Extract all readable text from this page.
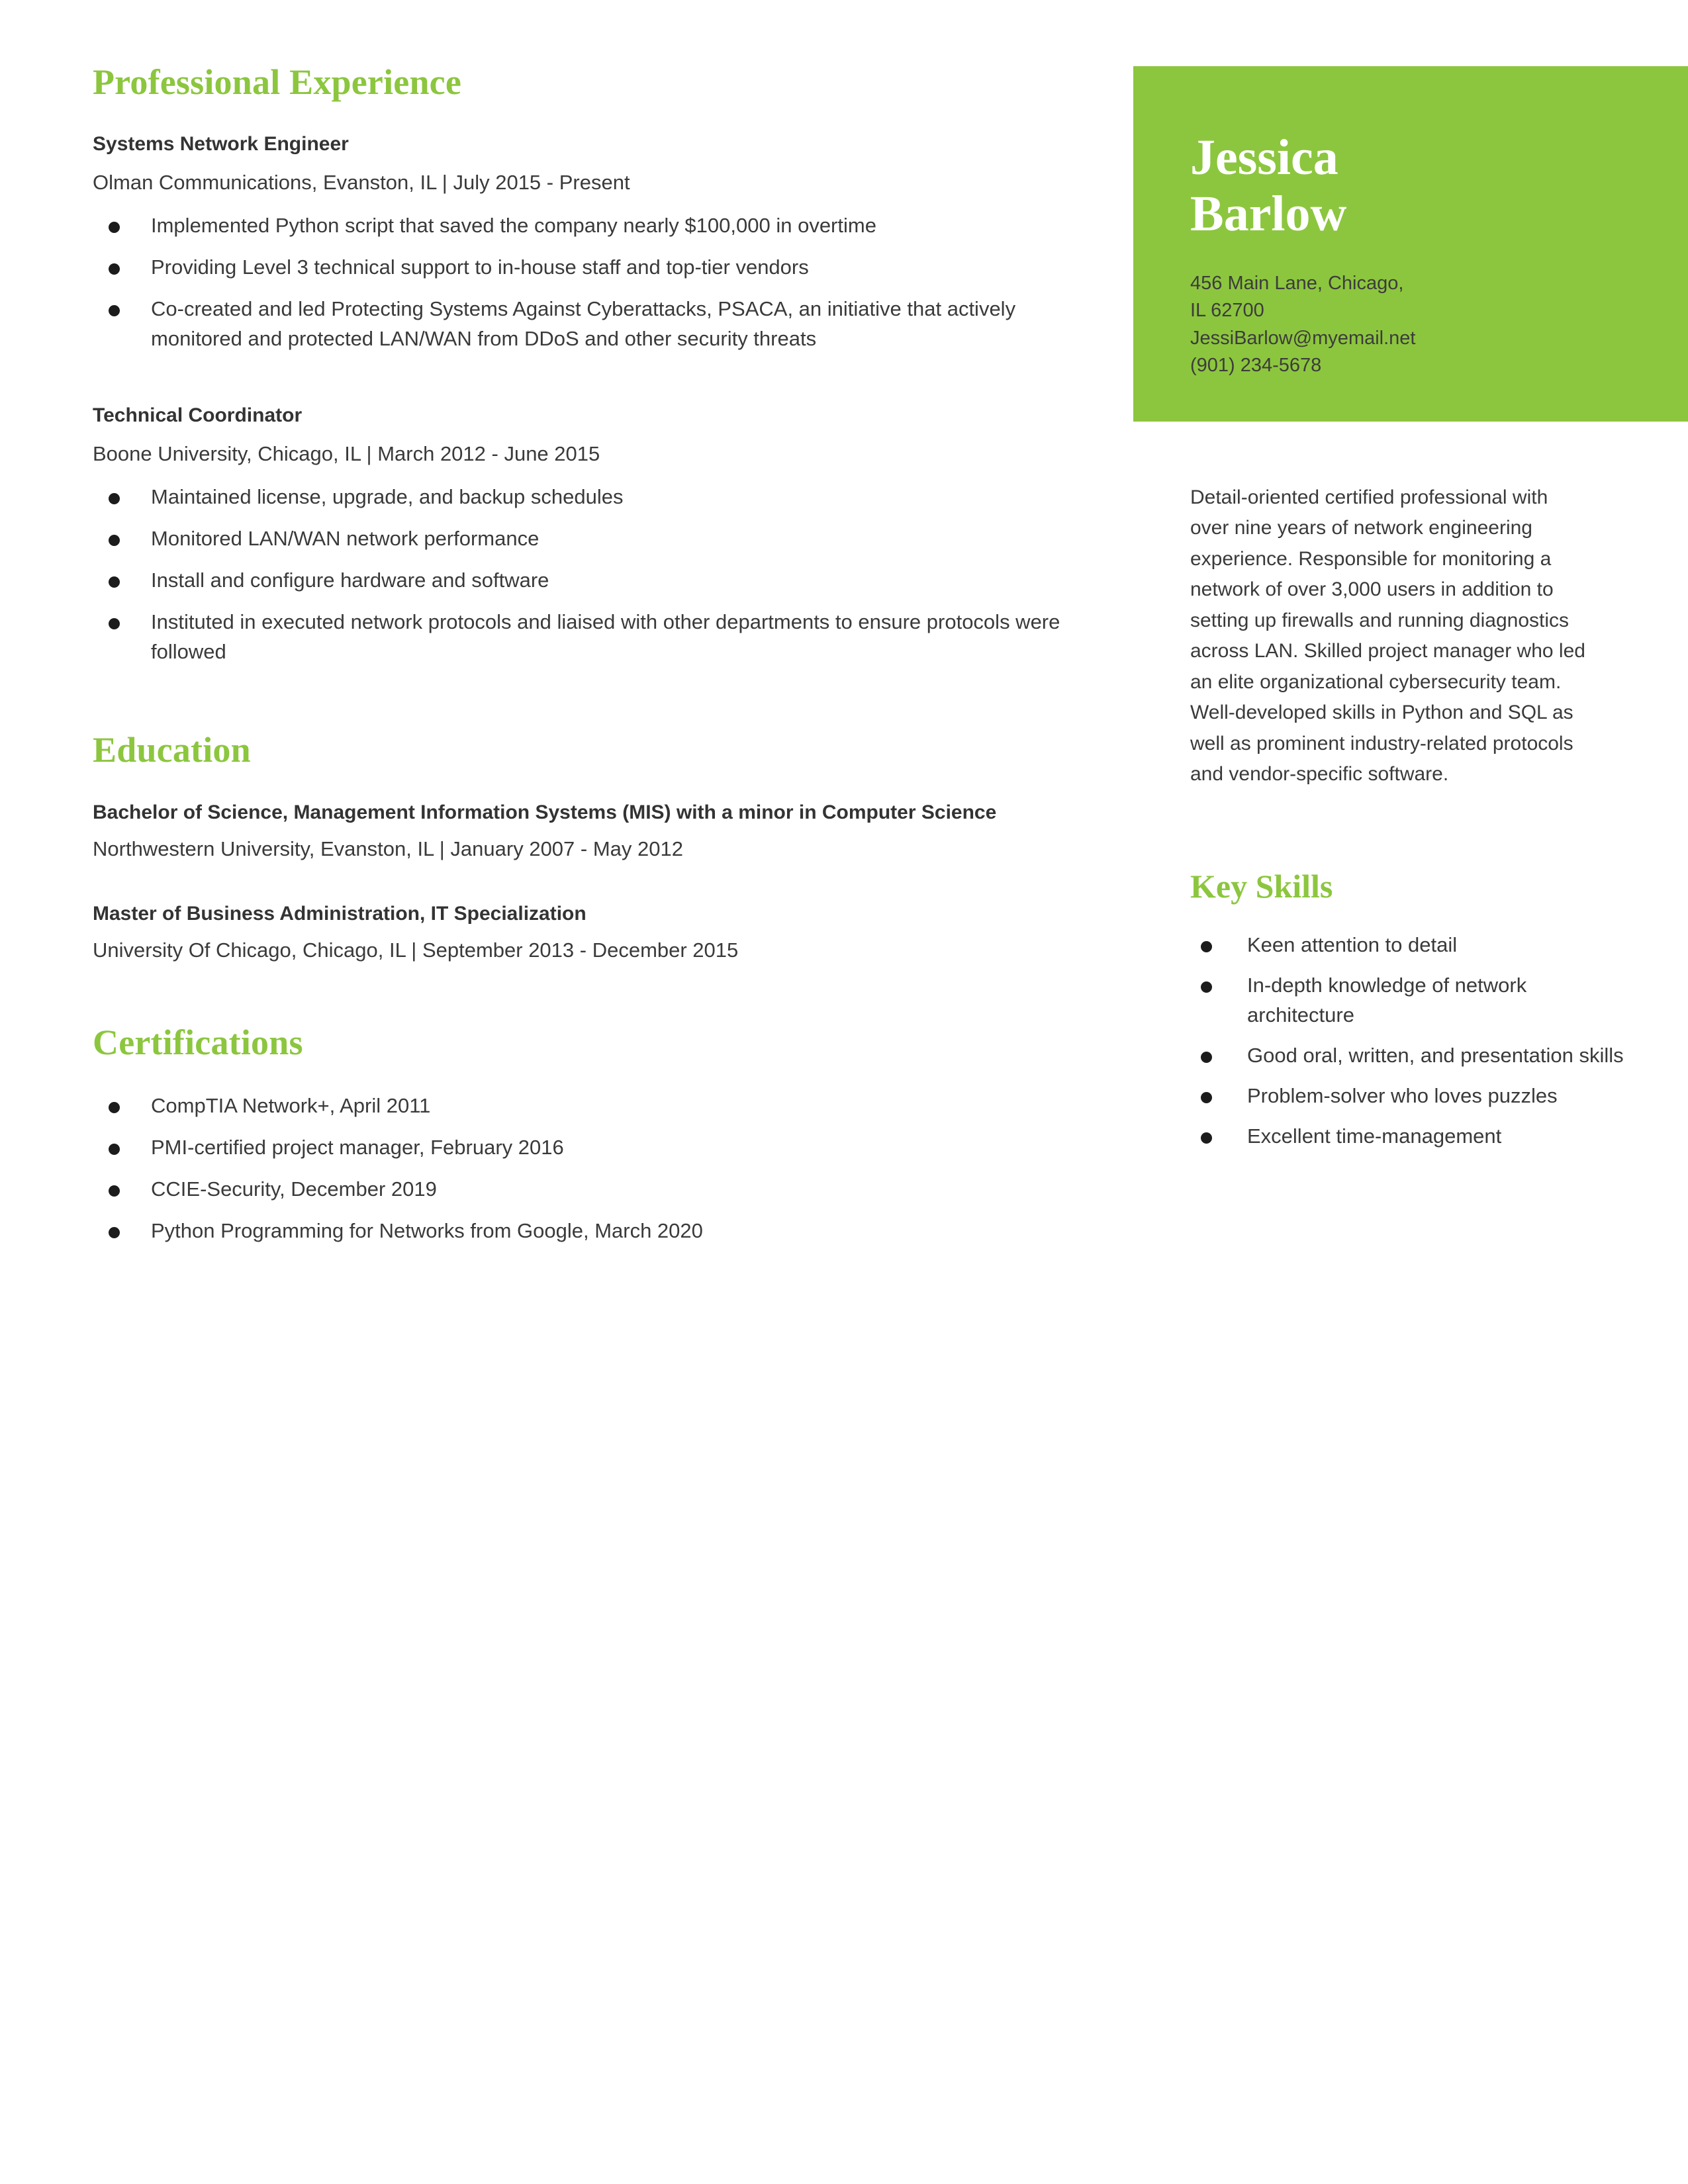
Professional Experience
Systems Network Engineer
Olman Communications, Evanston, IL | July 2015 - Present
Implemented Python script that saved the company nearly $100,000 in overtime
Providing Level 3 technical support to in-house staff and top-tier vendors
Co-created and led Protecting Systems Against Cyberattacks, PSACA, an initiative that actively monitored and protected LAN/WAN from DDoS and other security threats
Technical Coordinator
Boone University, Chicago, IL | March 2012 - June 2015
Maintained license, upgrade, and backup schedules
Monitored LAN/WAN network performance
Install and configure hardware and software
Instituted in executed network protocols and liaised with other departments to ensure protocols were followed
Education
Bachelor of Science, Management Information Systems (MIS) with a minor in Computer Science
Northwestern University, Evanston, IL | January 2007 - May 2012
Master of Business Administration, IT Specialization
University Of Chicago, Chicago, IL | September 2013 - December 2015
Certifications
CompTIA Network+, April 2011
PMI-certified project manager, February 2016
CCIE-Security, December 2019
Python Programming for Networks from Google, March 2020
Jessica
Barlow
456 Main Lane, Chicago,
IL 62700
JessiBarlow@myemail.net
(901) 234-5678
Detail-oriented certified professional with over nine years of network engineering experience. Responsible for monitoring a network of over 3,000 users in addition to setting up firewalls and running diagnostics across LAN. Skilled project manager who led an elite organizational cybersecurity team. Well-developed skills in Python and SQL as well as prominent industry-related protocols and vendor-specific software.
Key Skills
Keen attention to detail
In-depth knowledge of network architecture
Good oral, written, and presentation skills
Problem-solver who loves puzzles
Excellent time-management
